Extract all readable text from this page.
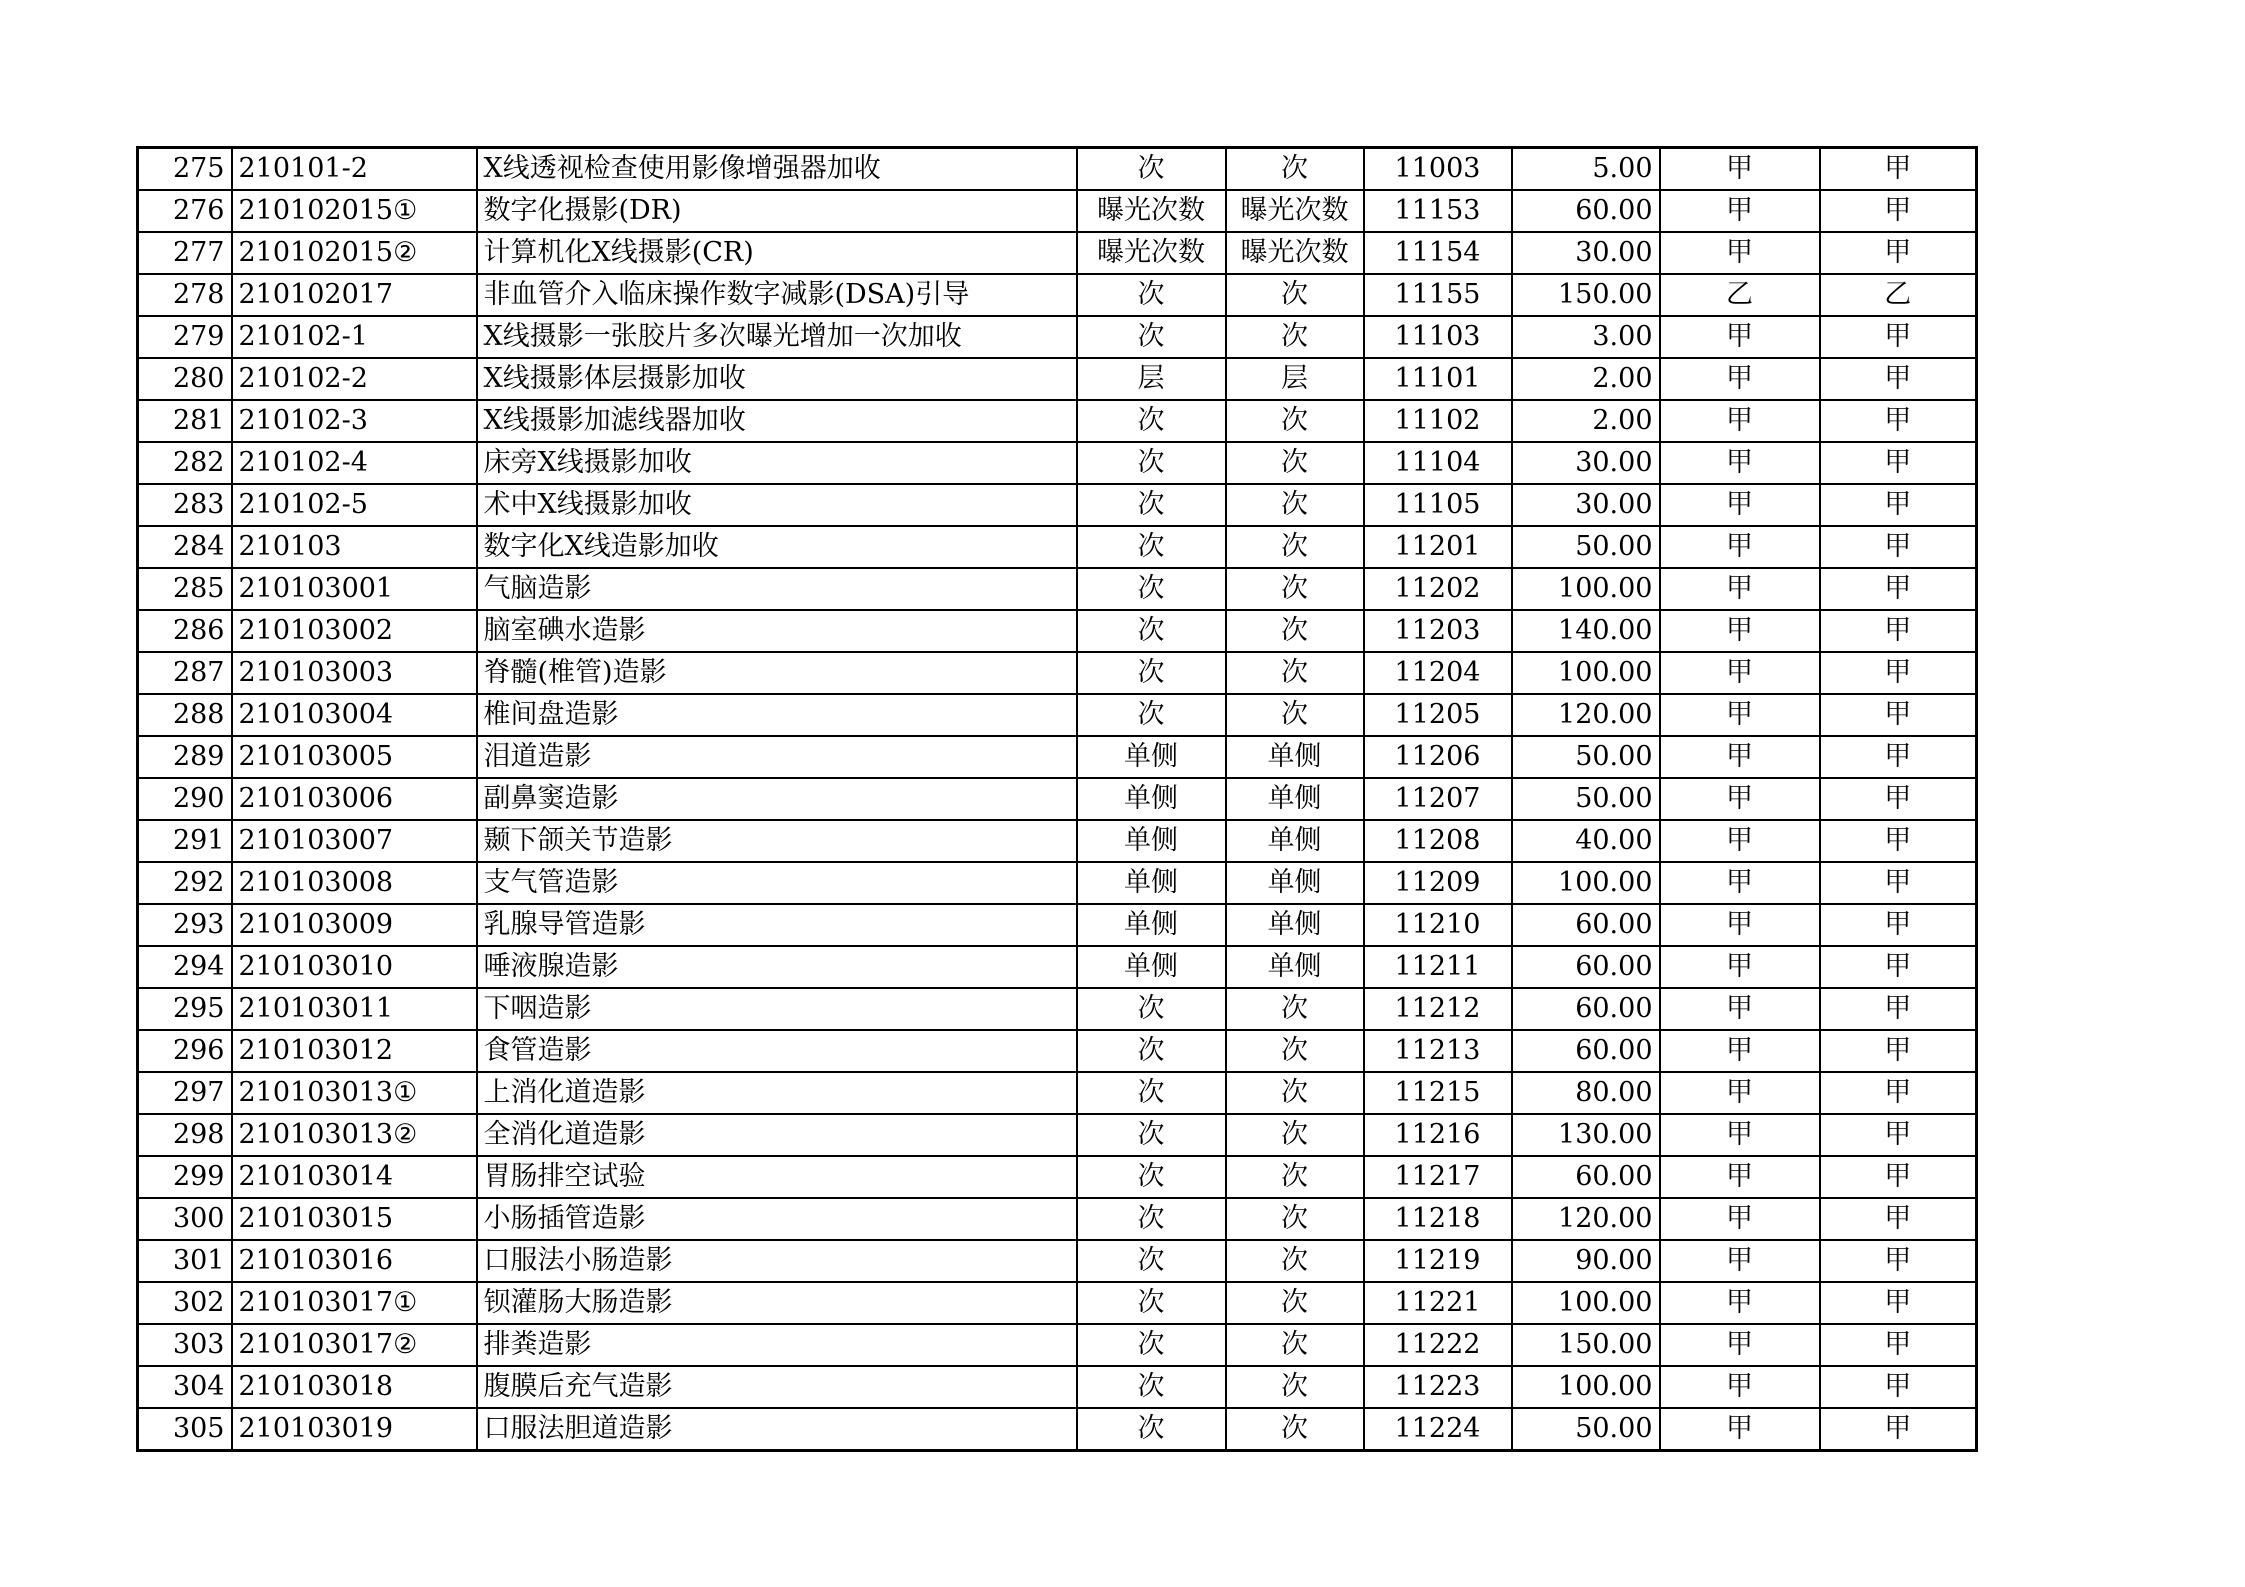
275	210101-2	X线透视检查使用影像增强器加收	次	次	11003	5.00	甲	甲
276	210102015①	数字化摄影(DR)	曝光次数	曝光次数	11153	60.00	甲	甲
277	210102015②	计算机化X线摄影(CR)	曝光次数	曝光次数	11154	30.00	甲	甲
278	210102017	非血管介入临床操作数字减影(DSA)引导	次	次	11155	150.00	乙	乙
279	210102-1	X线摄影一张胶片多次曝光增加一次加收	次	次	11103	3.00	甲	甲
280	210102-2	X线摄影体层摄影加收	层	层	11101	2.00	甲	甲
281	210102-3	X线摄影加滤线器加收	次	次	11102	2.00	甲	甲
282	210102-4	床旁X线摄影加收	次	次	11104	30.00	甲	甲
283	210102-5	术中X线摄影加收	次	次	11105	30.00	甲	甲
284	210103	数字化X线造影加收	次	次	11201	50.00	甲	甲
285	210103001	气脑造影	次	次	11202	100.00	甲	甲
286	210103002	脑室碘水造影	次	次	11203	140.00	甲	甲
287	210103003	脊髓(椎管)造影	次	次	11204	100.00	甲	甲
288	210103004	椎间盘造影	次	次	11205	120.00	甲	甲
289	210103005	泪道造影	单侧	单侧	11206	50.00	甲	甲
290	210103006	副鼻窦造影	单侧	单侧	11207	50.00	甲	甲
291	210103007	颞下颌关节造影	单侧	单侧	11208	40.00	甲	甲
292	210103008	支气管造影	单侧	单侧	11209	100.00	甲	甲
293	210103009	乳腺导管造影	单侧	单侧	11210	60.00	甲	甲
294	210103010	唾液腺造影	单侧	单侧	11211	60.00	甲	甲
295	210103011	下咽造影	次	次	11212	60.00	甲	甲
296	210103012	食管造影	次	次	11213	60.00	甲	甲
297	210103013①	上消化道造影	次	次	11215	80.00	甲	甲
298	210103013②	全消化道造影	次	次	11216	130.00	甲	甲
299	210103014	胃肠排空试验	次	次	11217	60.00	甲	甲
300	210103015	小肠插管造影	次	次	11218	120.00	甲	甲
301	210103016	口服法小肠造影	次	次	11219	90.00	甲	甲
302	210103017①	钡灌肠大肠造影	次	次	11221	100.00	甲	甲
303	210103017②	排粪造影	次	次	11222	150.00	甲	甲
304	210103018	腹膜后充气造影	次	次	11223	100.00	甲	甲
305	210103019	口服法胆道造影	次	次	11224	50.00	甲	甲
